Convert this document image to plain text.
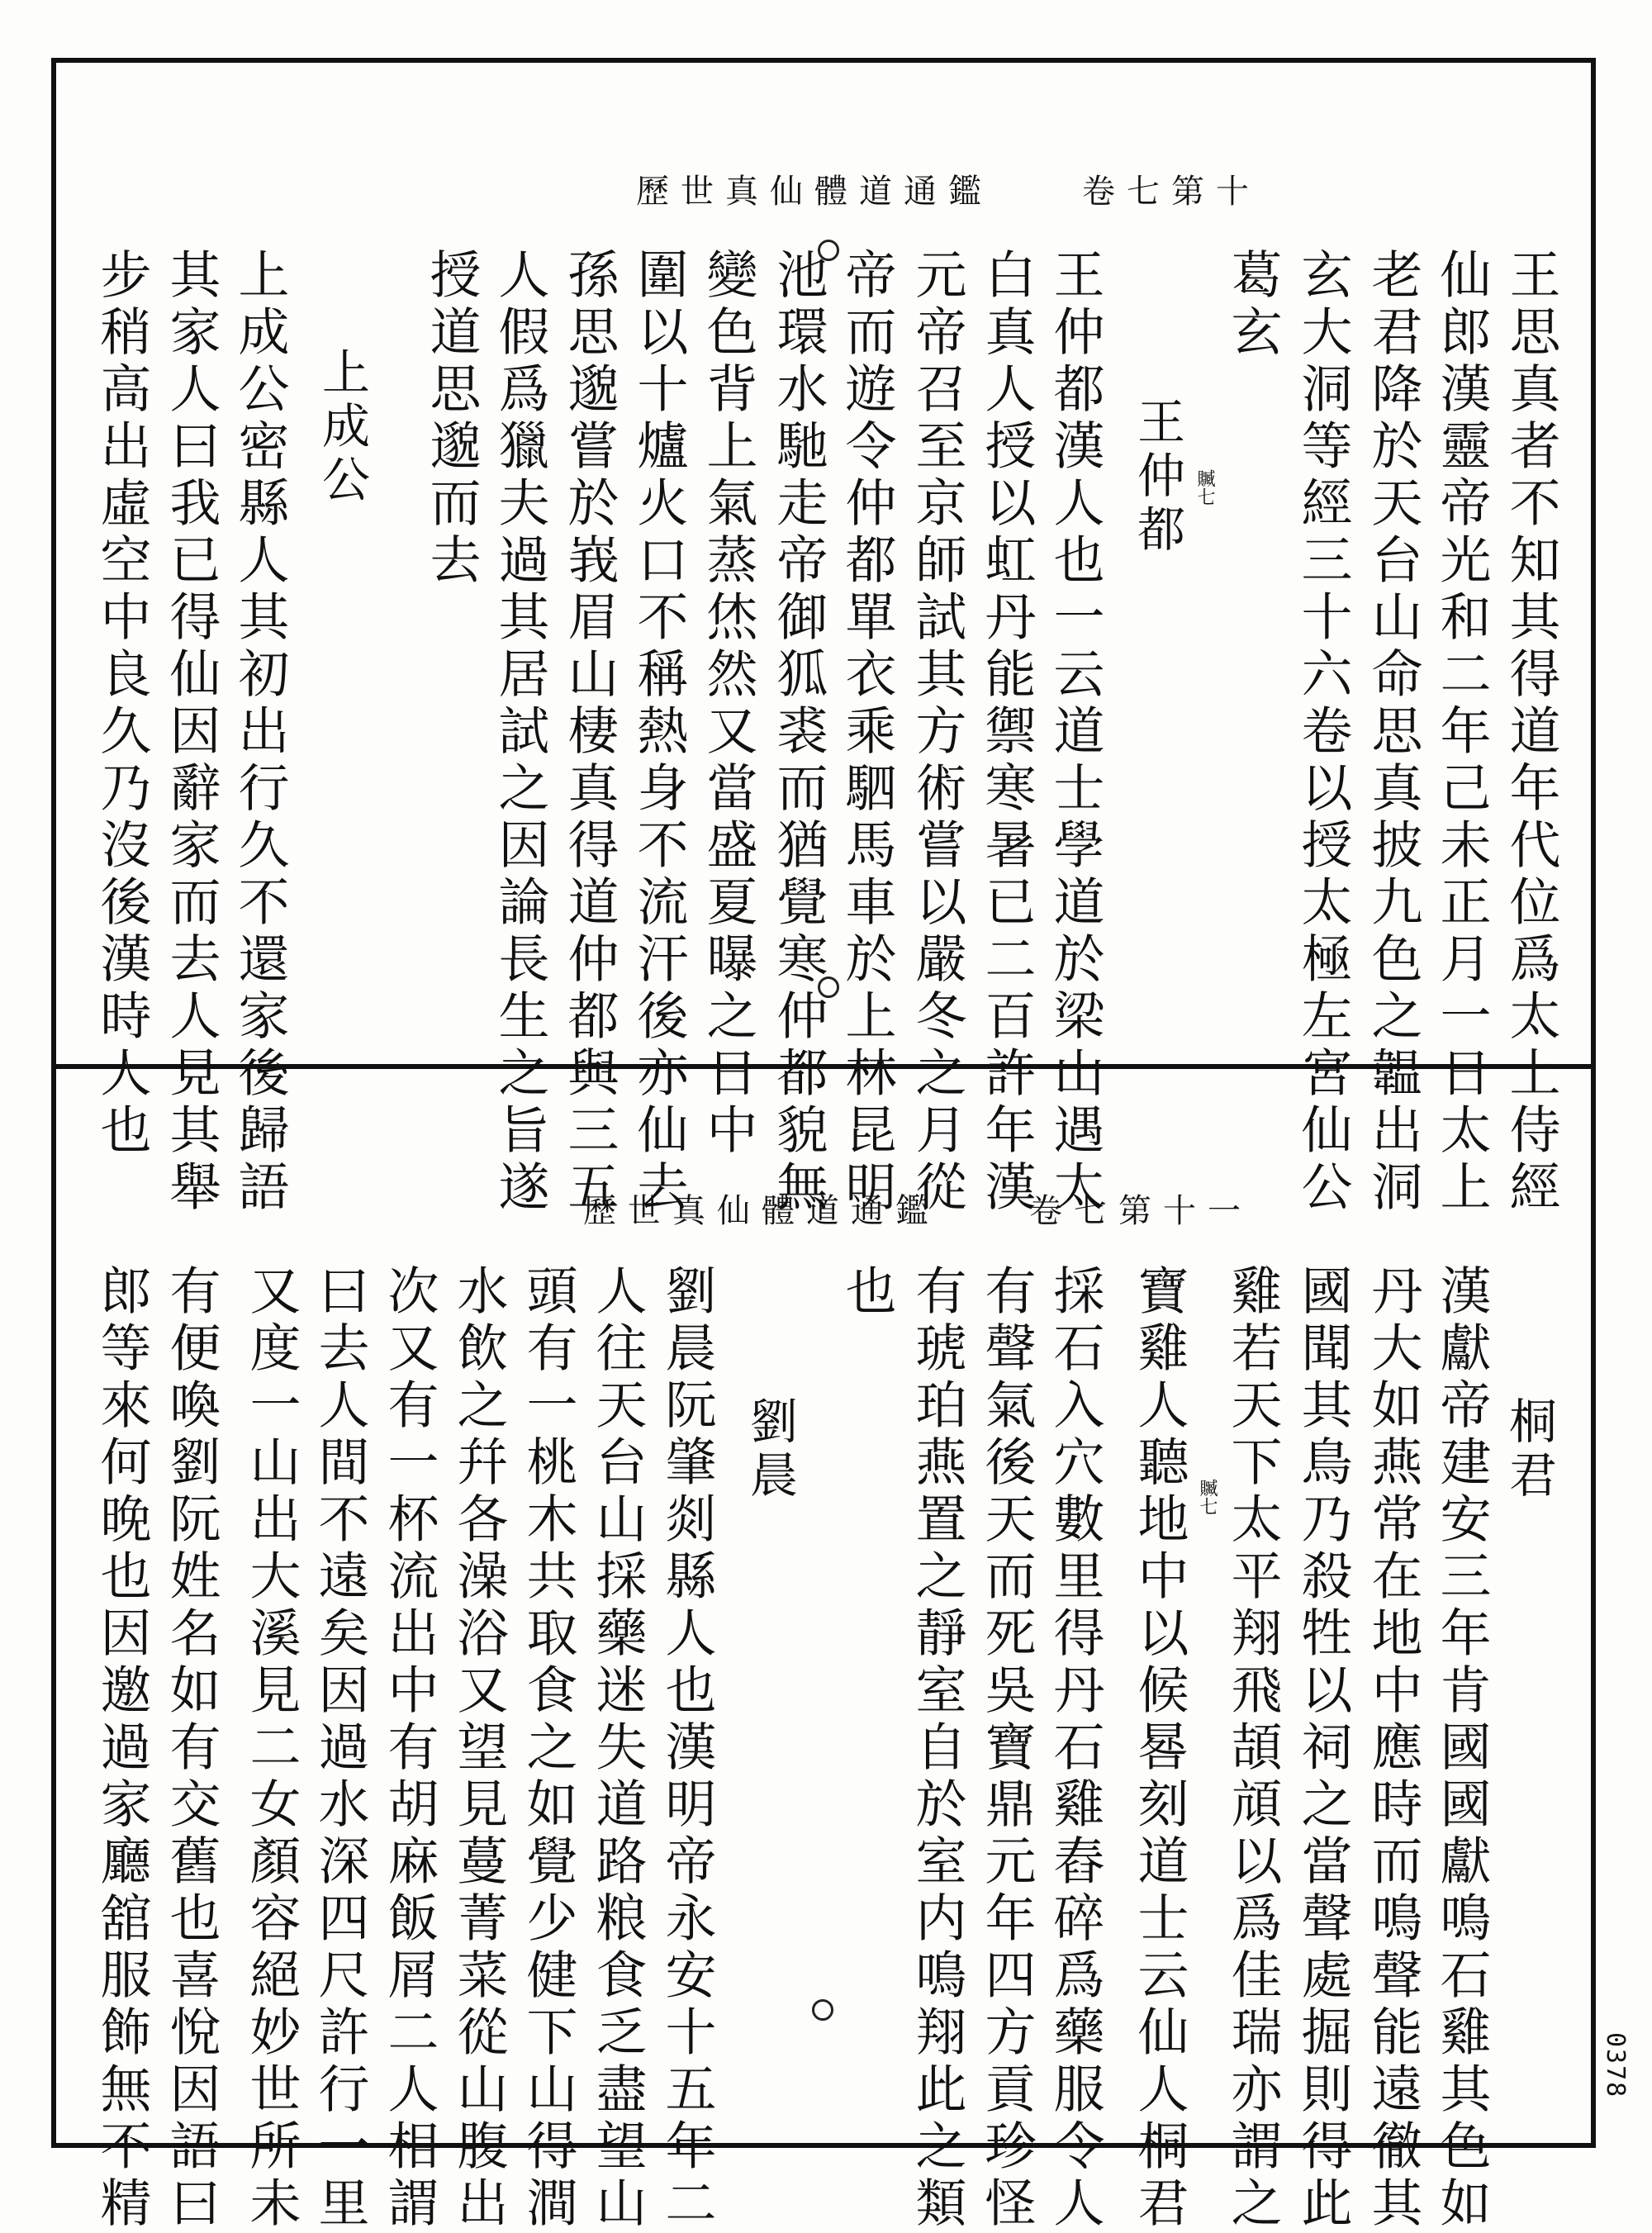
歷世真仙體道通鑑　　卷七第十
贓七	王思真者不知其得道年代位爲太上侍經
仙郎漢靈帝光和二年己未正月一日太上
老君降於天台山命思真披九色之韞出洞
玄大洞等經三十六卷以授太極左宮仙公
葛玄
王仲都
王仲都漢人也一云道士學道於梁山遇太
白真人授以虹丹能禦寒暑已二百許年漢
元帝召至京師試其方術嘗以嚴冬之月從
帝而遊令仲都單衣乘駟馬車於上林昆明
池環水馳走帝御狐裘而猶覺寒仲都貌無
變色背上氣蒸烋然又當盛夏曝之日中
圍以十爐火口不稱熱身不流汗後亦仙去
孫思邈嘗於峩眉山棲真得道仲都與三五
人假爲獵夫過其居試之因論長生之旨遂
授道思邈而去
上成公
上成公密縣人其初出行久不還家後歸語
其家人曰我已得仙因辭家而去人見其舉
步稍高出虛空中良久乃沒後漢時人也
歷世真仙體道通鑑　　卷七第十一
贓七	桐君
漢獻帝建安三年肯國國獻鳴石雞其色如
丹大如燕常在地中應時而鳴聲能遠徹其
國聞其鳥乃殺牲以祠之當聲處掘則得此
雞若天下太平翔飛頡頏以爲佳瑞亦謂之
寶雞人聽地中以候晷刻道士云仙人桐君
採石入穴數里得丹石雞舂碎爲藥服令人
有聲氣後天而死吳寶鼎元年四方貢珍怪
有琥珀燕置之靜室自於室内鳴翔此之類
也
劉晨
劉晨阮肇剡縣人也漢明帝永安十五年二
人往天台山採藥迷失道路粮食乏盡望山
頭有一桃木共取食之如覺少健下山得澗
水飲之幷各澡浴又望見蔓菁菜從山腹出
次又有一杯流出中有胡麻飯屑二人相謂
曰去人間不遠矣因過水深四尺許行一里
又度一山出大溪見二女顏容絕妙世所未
有便喚劉阮姓名如有交舊也喜悅因語曰
郎等來何晚也因邀過家廳舘服飾無不精	0378
